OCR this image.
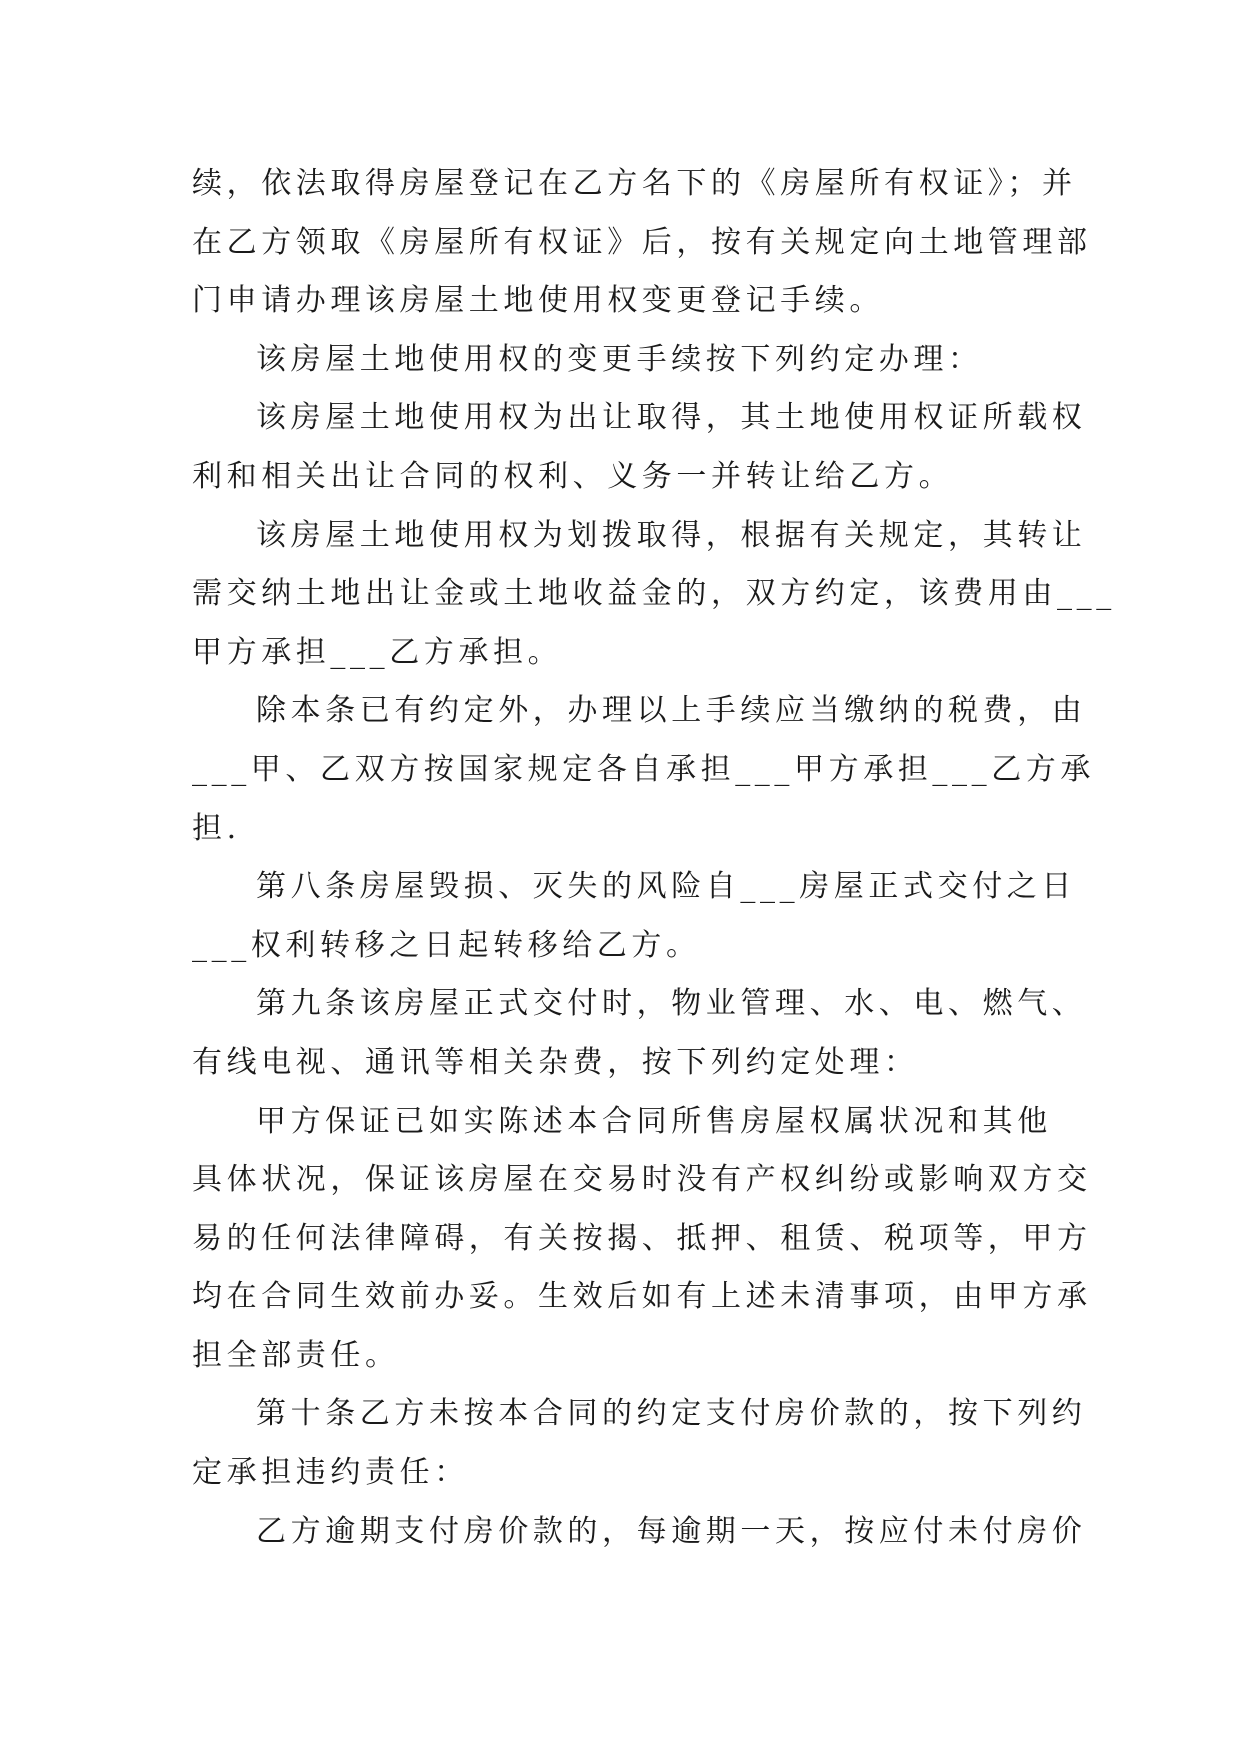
续，依法取得房屋登记在乙方名下的《房屋所有权证》；并
在乙方领取《房屋所有权证》后，按有关规定向土地管理部
门申请办理该房屋土地使用权变更登记手续。

该房屋土地使用权的变更手续按下列约定办理：

该房屋土地使用权为出让取得，其土地使用权证所载权
利和相关出让合同的权利、义务一并转让给乙方。

该房屋土地使用权为划拨取得，根据有关规定，其转让
需交纳土地出让金或土地收益金的，双方约定，该费用由___
甲方承担___乙方承担。

除本条已有约定外，办理以上手续应当缴纳的税费，由
___甲、乙双方按国家规定各自承担___甲方承担___乙方承
担.

第八条房屋毁损、灭失的风险自___房屋正式交付之日
___权利转移之日起转移给乙方。

第九条该房屋正式交付时，物业管理、水、电、燃气、
有线电视、通讯等相关杂费，按下列约定处理：

甲方保证已如实陈述本合同所售房屋权属状况和其他
具体状况，保证该房屋在交易时没有产权纠纷或影响双方交
易的任何法律障碍，有关按揭、抵押、租赁、税项等，甲方
均在合同生效前办妥。生效后如有上述未清事项，由甲方承
担全部责任。

第十条乙方未按本合同的约定支付房价款的，按下列约
定承担违约责任：

乙方逾期支付房价款的，每逾期一天，按应付未付房价
